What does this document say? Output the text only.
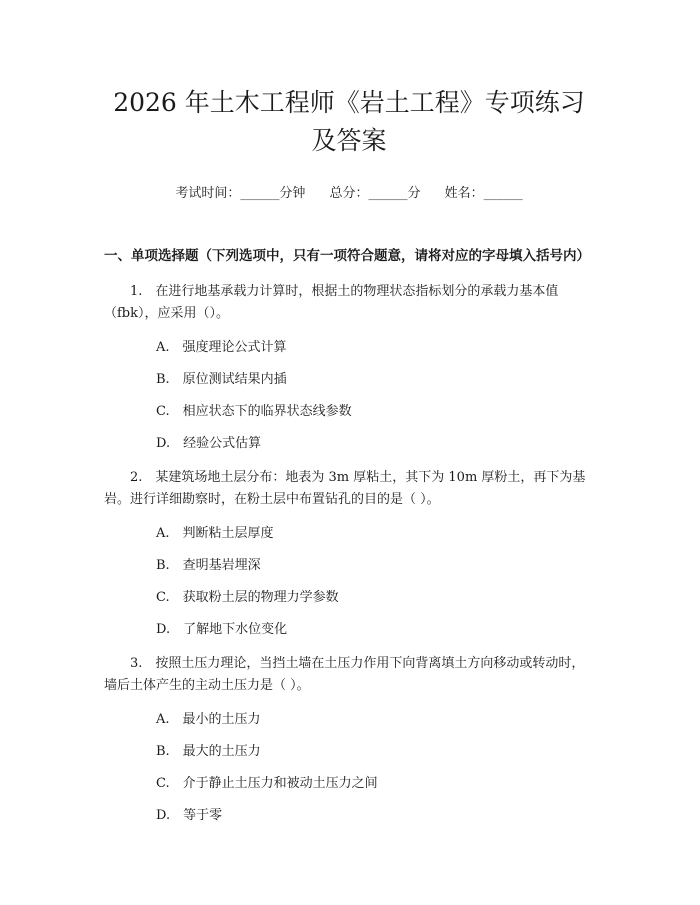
2026 年土木工程师《岩土工程》专项练习及答案
考试时间：______分钟 总分：______分 姓名：______
一、单项选择题（下列选项中，只有一项符合题意，请将对应的字母填入括号内）
1.　在进行地基承载力计算时，根据土的物理状态指标划分的承载力基本值（fbk），应采用（）。
A.　强度理论公式计算
B.　原位测试结果内插
C.　相应状态下的临界状态线参数
D.　经验公式估算
2.　某建筑场地土层分布：地表为 3m 厚粘土，其下为 10m 厚粉土，再下为基岩。进行详细勘察时，在粉土层中布置钻孔的目的是（ ）。
A.　判断粘土层厚度
B.　查明基岩埋深
C.　获取粉土层的物理力学参数
D.　了解地下水位变化
3.　按照土压力理论，当挡土墙在土压力作用下向背离填土方向移动或转动时，墙后土体产生的主动土压力是（ ）。
A.　最小的土压力
B.　最大的土压力
C.　介于静止土压力和被动土压力之间
D.　等于零
